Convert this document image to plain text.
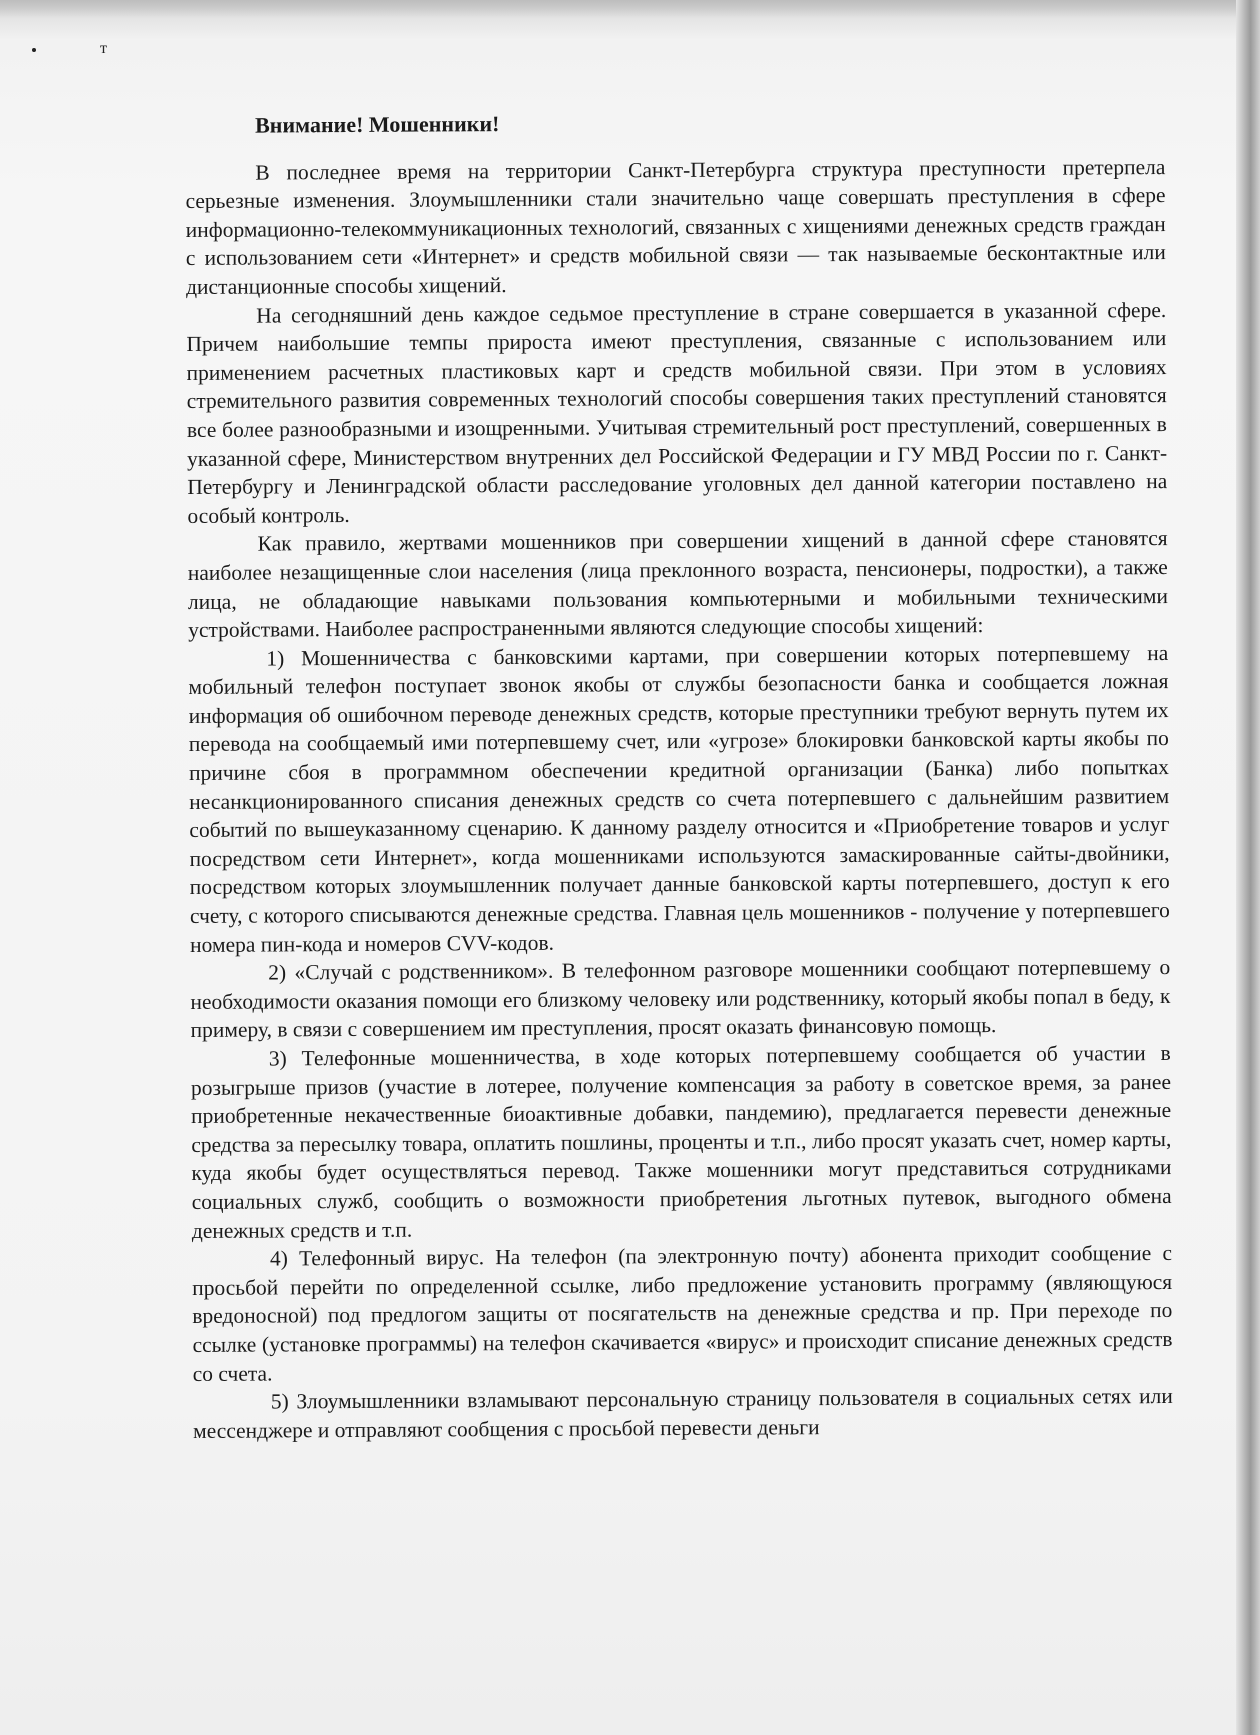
т
Внимание! Мошенники!

В последнее время на территории Санкт-Петербурга структура преступности претерпела серьезные изменения. Злоумышленники стали значительно чаще совершать преступления в сфере информационно-телекоммуникационных технологий, связанных с хищениями денежных средств граждан с использованием сети «Интернет» и средств мобильной связи — так называемые бесконтактные или дистанционные способы хищений.

На сегодняшний день каждое седьмое преступление в стране совершается в указанной сфере. Причем наибольшие темпы прироста имеют преступления, связанные с использованием или применением расчетных пластиковых карт и средств мобильной связи. При этом в условиях стремительного развития современных технологий способы совершения таких преступлений становятся все более разнообразными и изощренными. Учитывая стремительный рост преступлений, совершенных в указанной сфере, Министерством внутренних дел Российской Федерации и ГУ МВД России по г. Санкт-Петербургу и Ленинградской области расследование уголовных дел данной категории поставлено на особый контроль.

Как правило, жертвами мошенников при совершении хищений в данной сфере становятся наиболее незащищенные слои населения (лица преклонного возраста, пенсионеры, подростки), а также лица, не обладающие навыками пользования компьютерными и мобильными техническими устройствами. Наиболее распространенными являются следующие способы хищений:

1) Мошенничества с банковскими картами, при совершении которых потерпевшему на мобильный телефон поступает звонок якобы от службы безопасности банка и сообщается ложная информация об ошибочном переводе денежных средств, которые преступники требуют вернуть путем их перевода на сообщаемый ими потерпевшему счет, или «угрозе» блокировки банковской карты якобы по причине сбоя в программном обеспечении кредитной организации (Банка) либо попытках несанкционированного списания денежных средств со счета потерпевшего с дальнейшим развитием событий по вышеуказанному сценарию. К данному разделу относится и «Приобретение товаров и услуг посредством сети Интернет», когда мошенниками используются замаскированные сайты-двойники, посредством которых злоумышленник получает данные банковской карты потерпевшего, доступ к его счету, с которого списываются денежные средства. Главная цель мошенников - получение у потерпевшего номера пин-кода и номеров CVV-кодов.

2) «Случай с родственником». В телефонном разговоре мошенники сообщают потерпевшему о необходимости оказания помощи его близкому человеку или родственнику, который якобы попал в беду, к примеру, в связи с совершением им преступления, просят оказать финансовую помощь.

3) Телефонные мошенничества, в ходе которых потерпевшему сообщается об участии в розыгрыше призов (участие в лотерее, получение компенсация за работу в советское время, за ранее приобретенные некачественные биоактивные добавки, пандемию), предлагается перевести денежные средства за пересылку товара, оплатить пошлины, проценты и т.п., либо просят указать счет, номер карты, куда якобы будет осуществляться перевод. Также мошенники могут представиться сотрудниками социальных служб, сообщить о возможности приобретения льготных путевок, выгодного обмена денежных средств и т.п.

4) Телефонный вирус. На телефон (па электронную почту) абонента приходит сообщение с просьбой перейти по определенной ссылке, либо предложение установить программу (являющуюся вредоносной) под предлогом защиты от посягательств на денежные средства и пр. При переходе по ссылке (установке программы) на телефон скачивается «вирус» и происходит списание денежных средств со счета.

5) Злоумышленники взламывают персональную страницу пользователя в социальных сетях или мессенджере и отправляют сообщения с просьбой перевести деньги
